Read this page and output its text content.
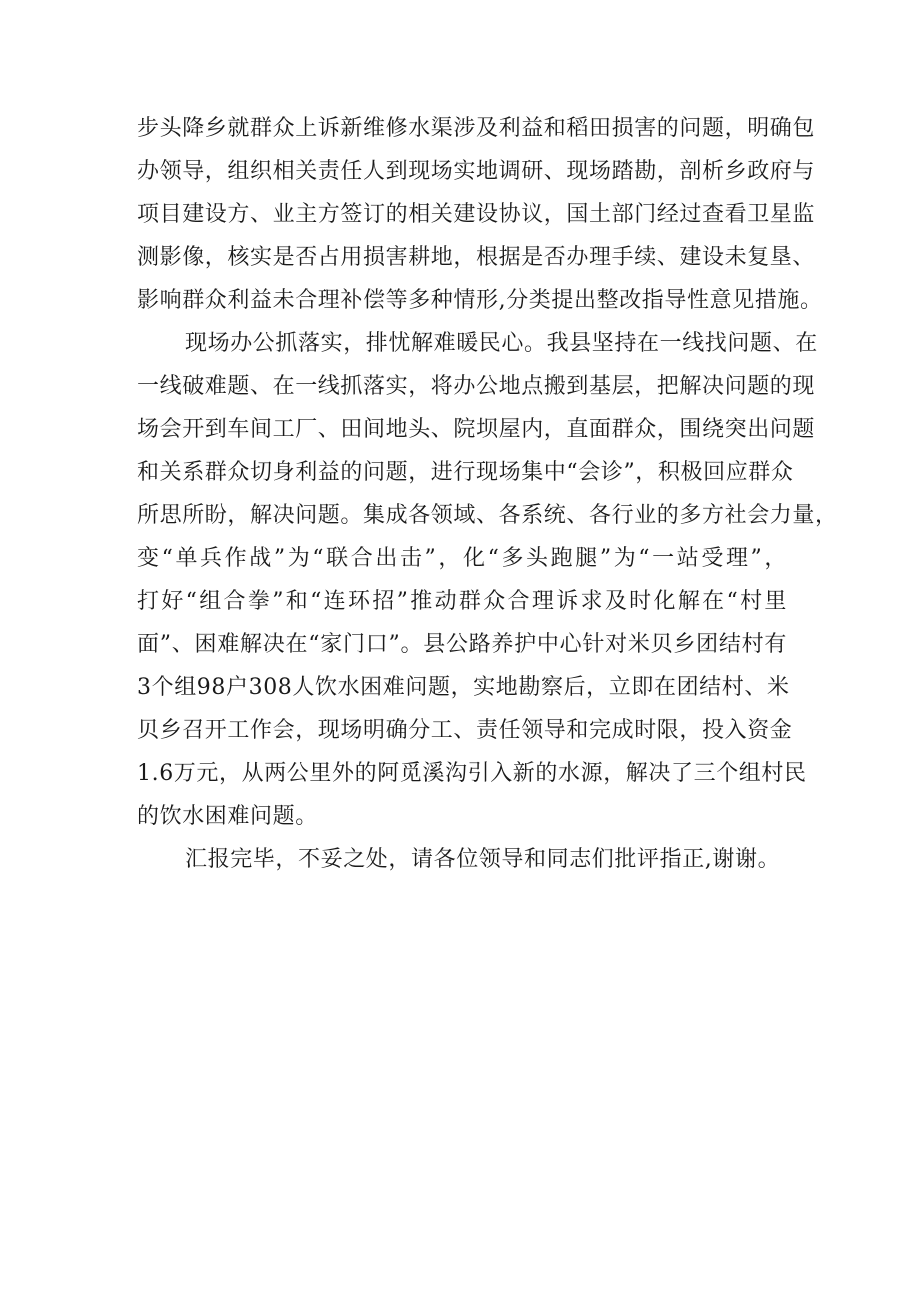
步头降乡就群众上诉新维修水渠涉及利益和稻田损害的问题，明确包
办领导，组织相关责任人到现场实地调研、现场踏勘，剖析乡政府与
项目建设方、业主方签订的相关建设协议，国土部门经过查看卫星监
测影像，核实是否占用损害耕地，根据是否办理手续、建设未复垦、
影响群众利益未合理补偿等多种情形,分类提出整改指导性意见措施。
现场办公抓落实，排忧解难暖民心。我县坚持在一线找问题、在
一线破难题、在一线抓落实，将办公地点搬到基层，把解决问题的现
场会开到车间工厂、田间地头、院坝屋内，直面群众，围绕突出问题
和关系群众切身利益的问题，进行现场集中“会诊”，积极回应群众
所思所盼，解决问题。集成各领域、各系统、各行业的多方社会力量，
变“单兵作战”为“联合出击”，化“多头跑腿”为“一站受理”，
打好“组合拳”和“连环招”推动群众合理诉求及时化解在“村里
面”、困难解决在“家门口”。县公路养护中心针对米贝乡团结村有
3个组98户308人饮水困难问题，实地勘察后，立即在团结村、米
贝乡召开工作会，现场明确分工、责任领导和完成时限，投入资金
1.6万元，从两公里外的阿觅溪沟引入新的水源，解决了三个组村民
的饮水困难问题。
汇报完毕，不妥之处，请各位领导和同志们批评指正,谢谢。
